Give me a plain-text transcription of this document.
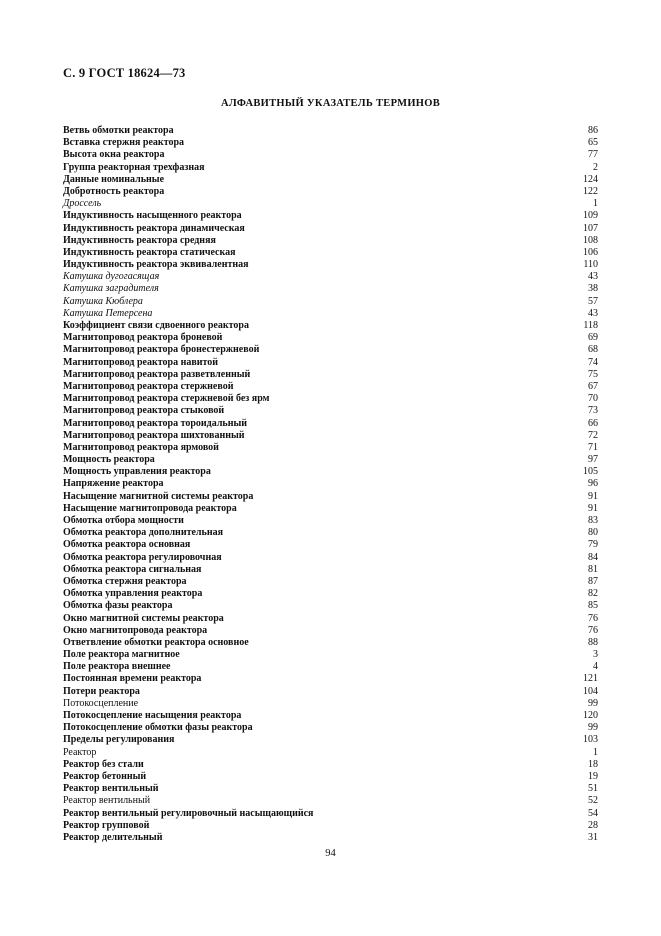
С. 9 ГОСТ 18624—73
АЛФАВИТНЫЙ УКАЗАТЕЛЬ ТЕРМИНОВ
Ветвь обмотки реактора	86
Вставка стержня реактора	65
Высота окна реактора	77
Группа реакторная трехфазная	2
Данные номинальные	124
Добротность реактора	122
Дроссель	1
Индуктивность насыщенного реактора	109
Индуктивность реактора динамическая	107
Индуктивность реактора средняя	108
Индуктивность реактора статическая	106
Индуктивность реактора эквивалентная	110
Катушка дугогасящая	43
Катушка заградителя	38
Катушка Кюблера	57
Катушка Петерсена	43
Коэффициент связи сдвоенного реактора	118
Магнитопровод реактора броневой	69
Магнитопровод реактора бронестержневой	68
Магнитопровод реактора навитой	74
Магнитопровод реактора разветвленный	75
Магнитопровод реактора стержневой	67
Магнитопровод реактора стержневой без ярм	70
Магнитопровод реактора стыковой	73
Магнитопровод реактора тороидальный	66
Магнитопровод реактора шихтованный	72
Магнитопровод реактора ярмовой	71
Мощность реактора	97
Мощность управления реактора	105
Напряжение реактора	96
Насыщение магнитной системы реактора	91
Насыщение магнитопровода реактора	91
Обмотка отбора мощности	83
Обмотка реактора дополнительная	80
Обмотка реактора основная	79
Обмотка реактора регулировочная	84
Обмотка реактора сигнальная	81
Обмотка стержня реактора	87
Обмотка управления реактора	82
Обмотка фазы реактора	85
Окно магнитной системы реактора	76
Окно магнитопровода реактора	76
Ответвление обмотки реактора основное	88
Поле реактора магнитное	3
Поле реактора внешнее	4
Постоянная времени реактора	121
Потери реактора	104
Потокосцепление	99
Потокосцепление насыщения реактора	120
Потокосцепление обмотки фазы реактора	99
Пределы регулирования	103
Реактор	1
Реактор без стали	18
Реактор бетонный	19
Реактор вентильный	51
Реактор вентильный	52
Реактор вентильный регулировочный насыщающийся	54
Реактор групповой	28
Реактор делительный	31
94
